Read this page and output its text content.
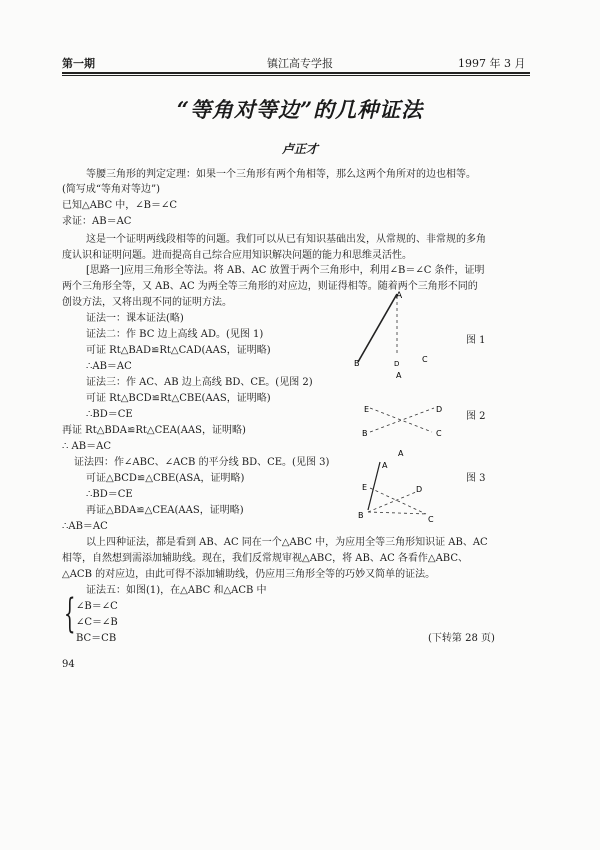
第一期	镇江高专学报	1997 年 3 月
“等角对等边”的几种证法
卢正才
等腰三角形的判定定理：如果一个三角形有两个角相等，那么这两个角所对的边也相等。
(简写成“等角对等边”)
已知△ABC 中，∠B＝∠C
求证：AB＝AC
这是一个证明两线段相等的问题。我们可以从已有知识基础出发，从常规的、非常规的多角
度认识和证明问题。进而提高自己综合应用知识解决问题的能力和思维灵活性。
[思路一]应用三角形全等法。将 AB、AC 放置于两个三角形中，利用∠B＝∠C 条件，证明
两个三角形全等，又 AB、AC 为两全等三角形的对应边，则证得相等。随着两个三角形不同的
创设方法，又将出现不同的证明方法。
证法一：课本证法(略)
证法二：作 BC 边上高线 AD。(见图 1)
可证 Rt△BAD≌Rt△CAD(AAS，证明略)
∴AB＝AC
证法三：作 AC、AB 边上高线 BD、CE。(见图 2)
可证 Rt△BCD≌Rt△CBE(AAS，证明略)
∴BD＝CE
再证 Rt△BDA≌Rt△CEA(AAS，证明略)
∴ AB＝AC
证法四：作∠ABC、∠ACB 的平分线 BD、CE。(见图 3)
可证△BCD≌△CBE(ASA，证明略)
∴BD＝CE
再证△BDA≌△CEA(AAS，证明略)
∴AB＝AC
以上四种证法，都是看到 AB、AC 同在一个△ABC 中，为应用全等三角形知识证 AB、AC
相等，自然想到需添加辅助线。现在，我们反常规审视△ABC，将 AB、AC 各看作△ABC、
△ACB 的对应边，由此可得不添加辅助线，仍应用三角形全等的巧妙又简单的证法。
证法五：如图(1)，在△ABC 和△ACB 中
{ ∠B＝∠C
∠C＝∠B
BC＝CB	(下转第 28 页)
94
图 1
图 2
图 3
A
B	D	C
A
E	D
B	C
A
A
E	D
B	C
